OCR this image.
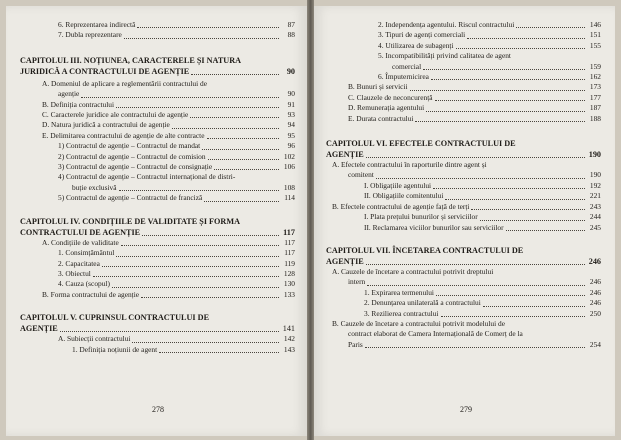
6. Reprezentarea indirectă	87
7. Dubla reprezentare	88
CAPITOLUL III. NOȚIUNEA, CARACTERELE ȘI NATURA
JURIDICĂ A CONTRACTULUI DE AGENȚIE	90
A. Domeniul de aplicare a reglementării contractului de
agenție	90
B. Definiția contractului	91
C. Caracterele juridice ale contractului de agenție	93
D. Natura juridică a contractului de agenție	94
E. Delimitarea contractului de agenție de alte contracte	95
1) Contractul de agenție – Contractul de mandat	96
2) Contractul de agenție – Contractul de comision	102
3) Contractul de agenție – Contractul de consignație	106
4) Contractul de agenție – Contractul internațional de distri-
buție exclusivă	108
5) Contractul de agenție – Contractul de franciză	114
CAPITOLUL IV. CONDIȚIILE DE VALIDITATE ȘI FORMA
CONTRACTULUI DE AGENȚIE	117
A. Condițiile de validitate	117
1. Consimțământul	117
2. Capacitatea	119
3. Obiectul	128
4. Cauza (scopul)	130
B. Forma contractului de agenție	133
CAPITOLUL V. CUPRINSUL CONTRACTULUI DE
AGENȚIE	141
A. Subiecții contractului	142
1. Definiția noțiunii de agent	143
278
2. Independența agentului. Riscul contractului	146
3. Tipuri de agenți comerciali	151
4. Utilizarea de subagenți	155
5. Incompatibilități privind calitatea de agent
comercial	159
6. Împuternicirea	162
B. Bunuri și servicii	173
C. Clauzele de neconcurență	177
D. Remunerația agentului	187
E. Durata contractului	188
CAPITOLUL VI. EFECTELE CONTRACTULUI DE
AGENȚIE	190
A. Efectele contractului în raporturile dintre agent și
comitent	190
I. Obligațiile agentului	192
II. Obligațiile comitentului	221
B. Efectele contractului de agenție față de terți	243
I. Plata prețului bunurilor și serviciilor	244
II. Reclamarea viciilor bunurilor sau serviciilor	245
CAPITOLUL VII. ÎNCETAREA CONTRACTULUI DE
AGENȚIE	246
A. Cauzele de încetare a contractului potrivit dreptului
intern	246
1. Expirarea termenului	246
2. Denunțarea unilaterală a contractului	246
3. Rezilierea contractului	250
B. Cauzele de încetare a contractului potrivit modelului de
contract elaborat de Camera Internațională de Comerț de la
Paris	254
279
